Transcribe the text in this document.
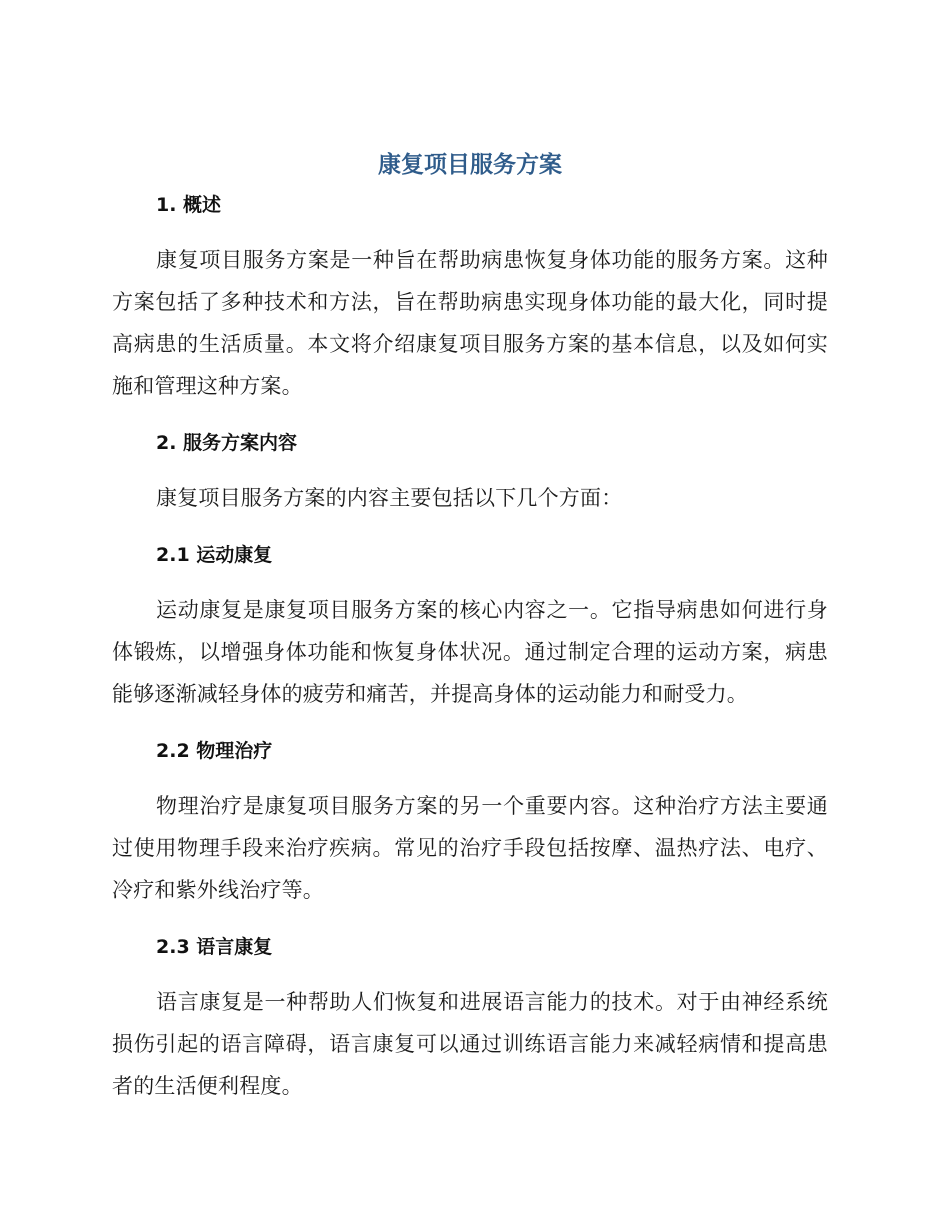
康复项目服务方案
1. 概述

康复项目服务方案是一种旨在帮助病患恢复身体功能的服务方案。这种方案包括了多种技术和方法，旨在帮助病患实现身体功能的最大化，同时提高病患的生活质量。本文将介绍康复项目服务方案的基本信息，以及如何实施和管理这种方案。

2. 服务方案内容

康复项目服务方案的内容主要包括以下几个方面：

2.1 运动康复

运动康复是康复项目服务方案的核心内容之一。它指导病患如何进行身体锻炼，以增强身体功能和恢复身体状况。通过制定合理的运动方案，病患能够逐渐减轻身体的疲劳和痛苦，并提高身体的运动能力和耐受力。

2.2 物理治疗

物理治疗是康复项目服务方案的另一个重要内容。这种治疗方法主要通过使用物理手段来治疗疾病。常见的治疗手段包括按摩、温热疗法、电疗、冷疗和紫外线治疗等。

2.3 语言康复

语言康复是一种帮助人们恢复和进展语言能力的技术。对于由神经系统损伤引起的语言障碍，语言康复可以通过训练语言能力来减轻病情和提高患者的生活便利程度。
